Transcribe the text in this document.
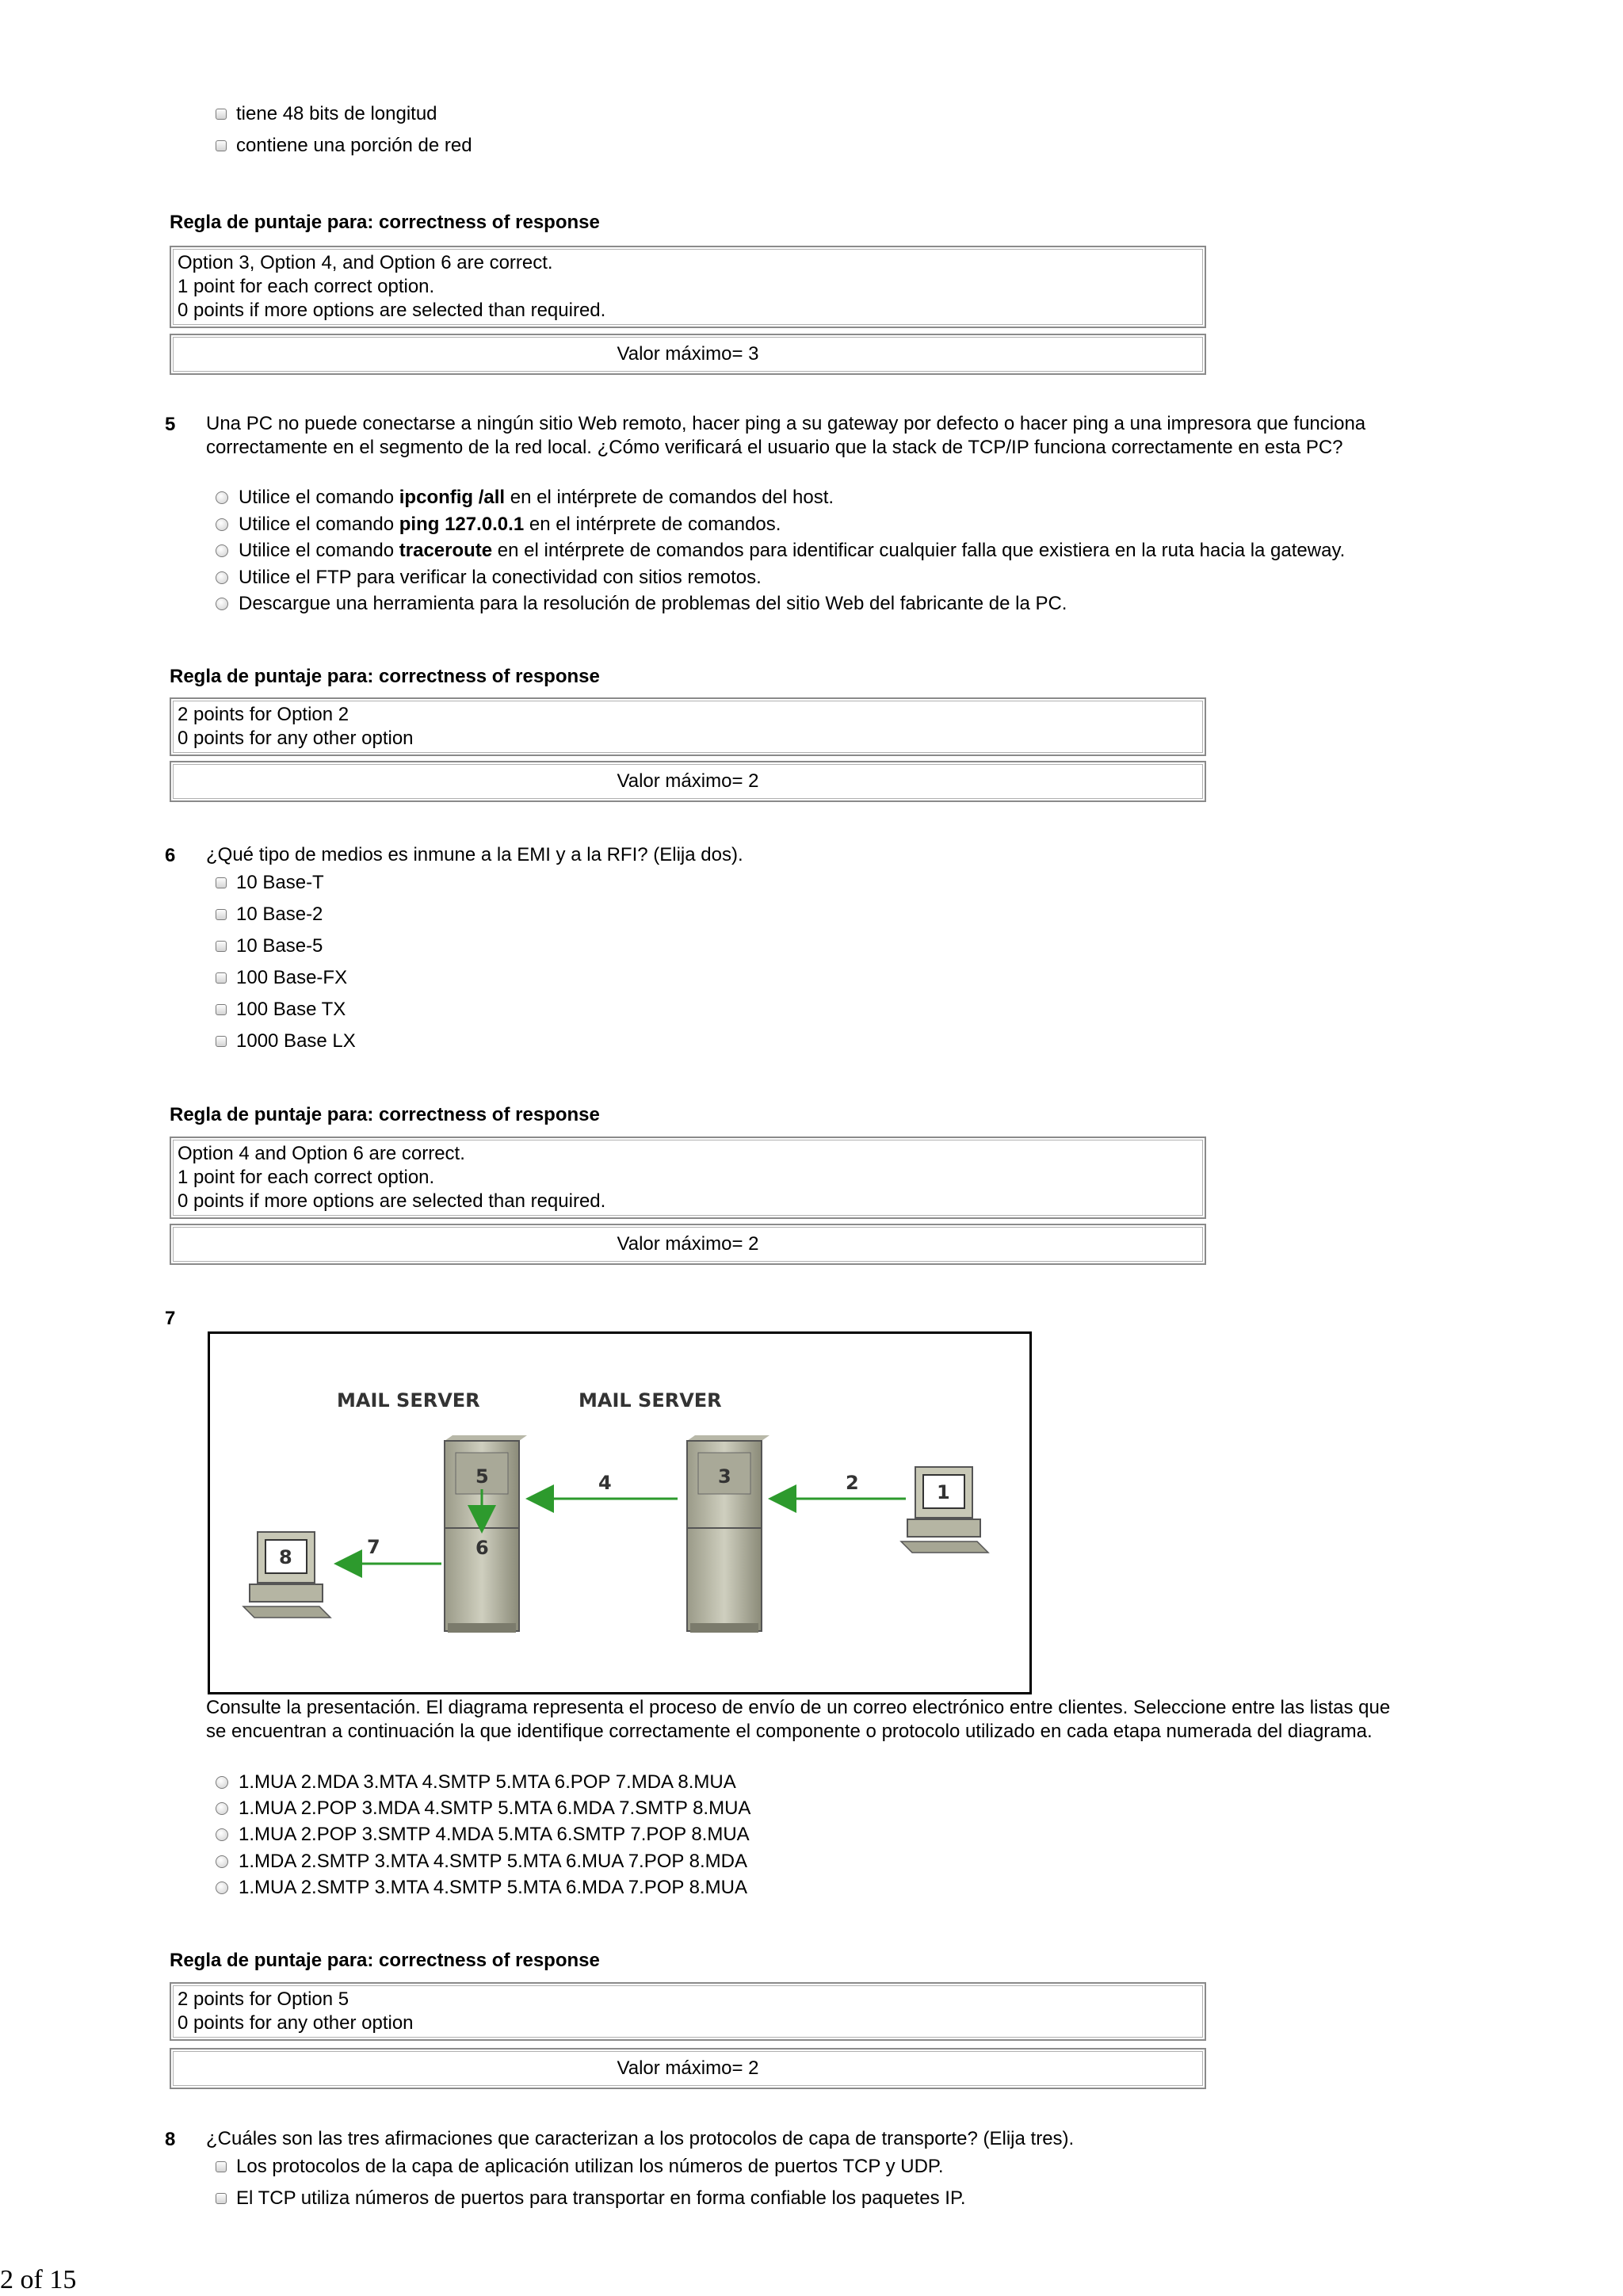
tiene 48 bits de longitud
contiene una porción de red
Regla de puntaje para: correctness of response
Option 3, Option 4, and Option 6 are correct.
1 point for each correct option.
0 points if more options are selected than required.
Valor máximo= 3
5 Una PC no puede conectarse a ningún sitio Web remoto, hacer ping a su gateway por defecto o hacer ping a una impresora que funciona correctamente en el segmento de la red local. ¿Cómo verificará el usuario que la stack de TCP/IP funciona correctamente en esta PC?
Utilice el comando ipconfig /all en el intérprete de comandos del host.
Utilice el comando ping 127.0.0.1 en el intérprete de comandos.
Utilice el comando traceroute en el intérprete de comandos para identificar cualquier falla que existiera en la ruta hacia la gateway.
Utilice el FTP para verificar la conectividad con sitios remotos.
Descargue una herramienta para la resolución de problemas del sitio Web del fabricante de la PC.
Regla de puntaje para: correctness of response
2 points for Option 2
0 points for any other option
Valor máximo= 2
6 ¿Qué tipo de medios es inmune a la EMI y a la RFI? (Elija dos).
10 Base-T
10 Base-2
10 Base-5
100 Base-FX
100 Base TX
1000 Base LX
Regla de puntaje para: correctness of response
Option 4 and Option 6 are correct.
1 point for each correct option.
0 points if more options are selected than required.
Valor máximo= 2
7
MAIL SERVER	MAIL SERVER
5
6
3
4	2
7
1
8
Consulte la presentación. El diagrama representa el proceso de envío de un correo electrónico entre clientes. Seleccione entre las listas que se encuentran a continuación la que identifique correctamente el componente o protocolo utilizado en cada etapa numerada del diagrama.
1.MUA 2.MDA 3.MTA 4.SMTP 5.MTA 6.POP 7.MDA 8.MUA
1.MUA 2.POP 3.MDA 4.SMTP 5.MTA 6.MDA 7.SMTP 8.MUA
1.MUA 2.POP 3.SMTP 4.MDA 5.MTA 6.SMTP 7.POP 8.MUA
1.MDA 2.SMTP 3.MTA 4.SMTP 5.MTA 6.MUA 7.POP 8.MDA
1.MUA 2.SMTP 3.MTA 4.SMTP 5.MTA 6.MDA 7.POP 8.MUA
Regla de puntaje para: correctness of response
2 points for Option 5
0 points for any other option
Valor máximo= 2
8 ¿Cuáles son las tres afirmaciones que caracterizan a los protocolos de capa de transporte? (Elija tres).
Los protocolos de la capa de aplicación utilizan los números de puertos TCP y UDP.
El TCP utiliza números de puertos para transportar en forma confiable los paquetes IP.
2 of 15
